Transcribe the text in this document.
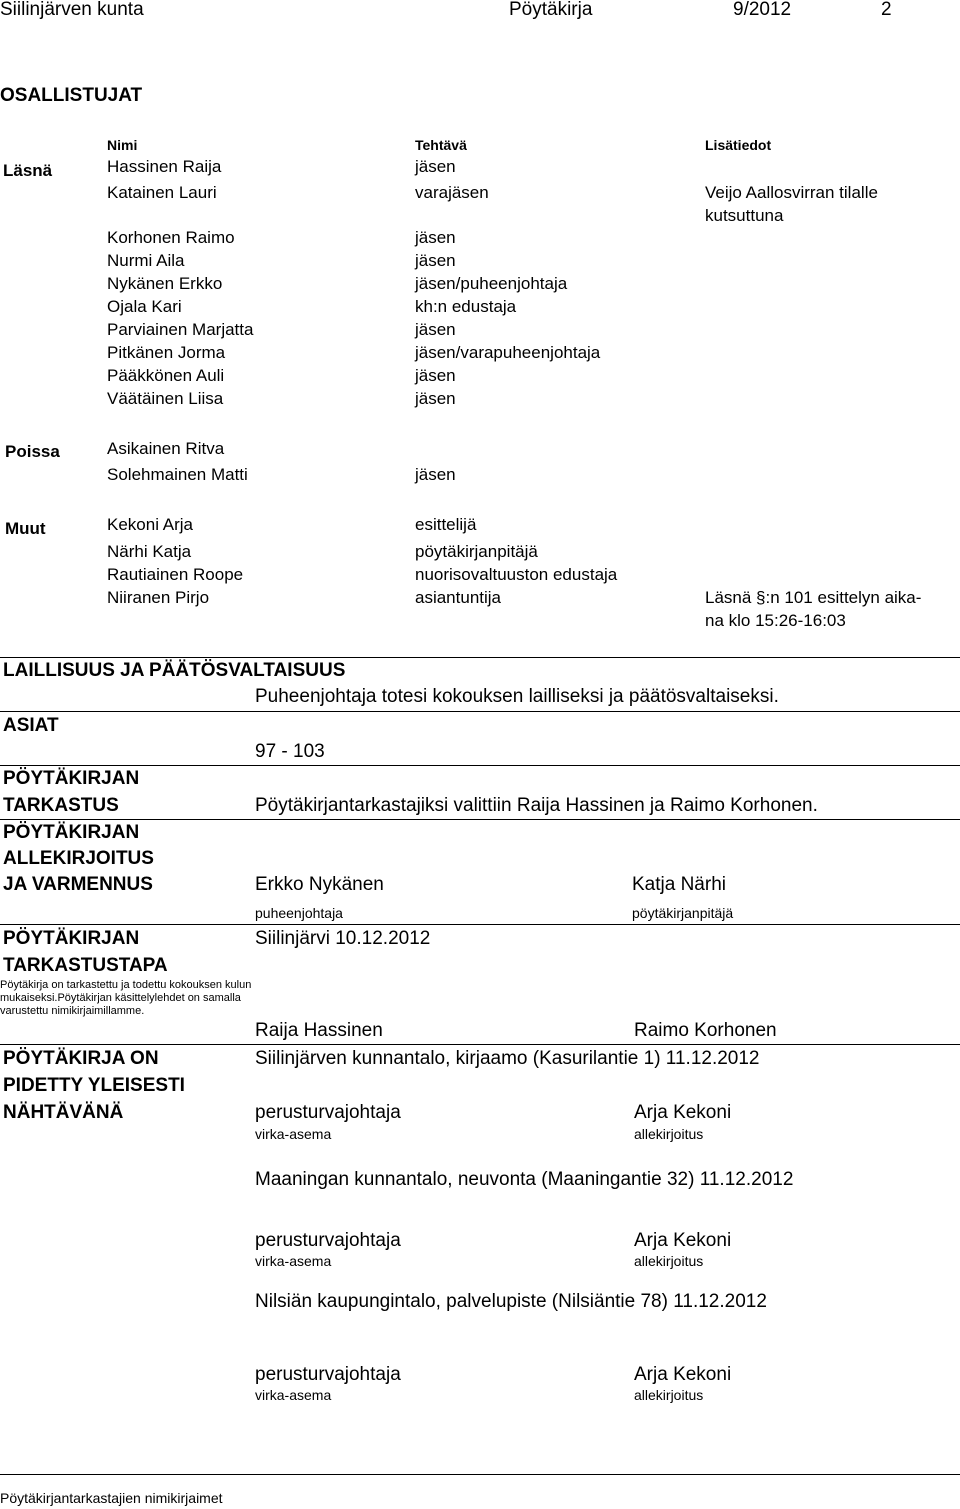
Siilinjärven kunta	Pöytäkirja	9/2012	2
OSALLISTUJAT
Nimi	Tehtävä	Lisätiedot
Läsnä	Hassinen Raija	jäsen
Katainen Lauri	varajäsen	Veijo Aallosvirran tilalle
kutsuttuna
Korhonen Raimo	jäsen
Nurmi Aila	jäsen
Nykänen Erkko	jäsen/puheenjohtaja
Ojala Kari	kh:n edustaja
Parviainen Marjatta	jäsen
Pitkänen Jorma	jäsen/varapuheenjohtaja
Pääkkönen Auli	jäsen
Väätäinen Liisa	jäsen
Poissa	Asikainen Ritva
Solehmainen Matti	jäsen
Muut	Kekoni Arja	esittelijä
Närhi Katja	pöytäkirjanpitäjä
Rautiainen Roope	nuorisovaltuuston edustaja
Niiranen Pirjo	asiantuntija	Läsnä §:n 101 esittelyn aika-
na klo 15:26-16:03
LAILLISUUS JA PÄÄTÖSVALTAISUUS
Puheenjohtaja totesi kokouksen lailliseksi ja päätösvaltaiseksi.
ASIAT
97 - 103
PÖYTÄKIRJAN
TARKASTUS	Pöytäkirjantarkastajiksi valittiin Raija Hassinen ja Raimo Korhonen.
PÖYTÄKIRJAN
ALLEKIRJOITUS
JA VARMENNUS	Erkko Nykänen	Katja Närhi
puheenjohtaja	pöytäkirjanpitäjä
PÖYTÄKIRJAN
TARKASTUSTAPA
Siilinjärvi 10.12.2012
Pöytäkirja on tarkastettu ja todettu kokouksen kulun mukaiseksi.Pöytäkirjan käsittelylehdet on samalla varustettu nimikirjaimillamme.
Raija Hassinen	Raimo Korhonen
PÖYTÄKIRJA ON
PIDETTY YLEISESTI
NÄHTÄVÄNÄ
Siilinjärven kunnantalo, kirjaamo (Kasurilantie 1) 11.12.2012
perusturvajohtaja	Arja Kekoni
virka-asema	allekirjoitus
Maaningan kunnantalo, neuvonta (Maaningantie 32) 11.12.2012
perusturvajohtaja	Arja Kekoni
virka-asema	allekirjoitus
Nilsiän kaupungintalo, palvelupiste (Nilsiäntie 78) 11.12.2012
perusturvajohtaja	Arja Kekoni
virka-asema	allekirjoitus
Pöytäkirjantarkastajien nimikirjaimet
